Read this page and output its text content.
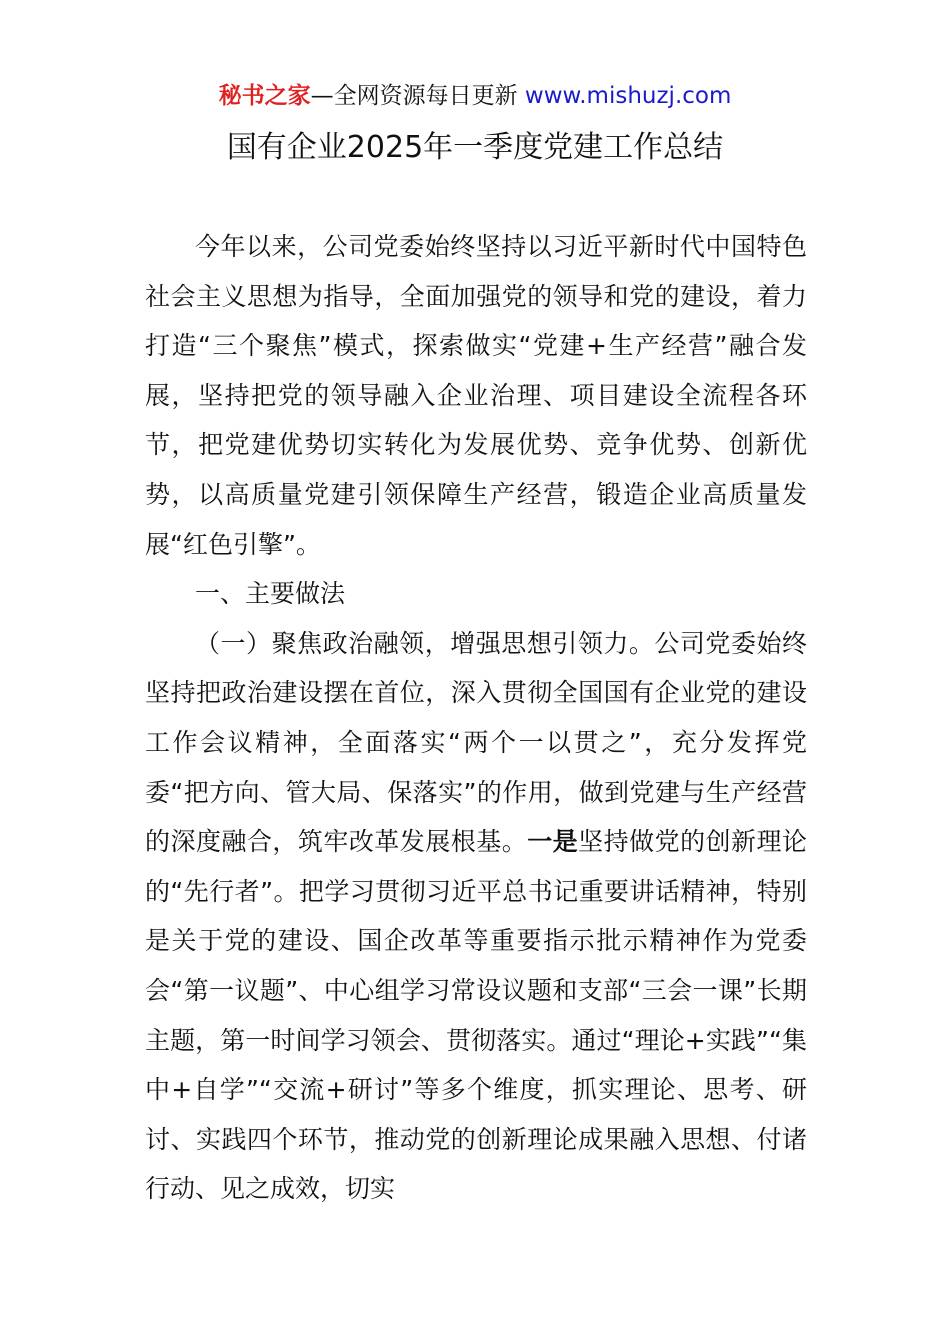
秘书之家—全网资源每日更新 www.mishuzj.com
国有企业2025年一季度党建工作总结

今年以来，公司党委始终坚持以习近平新时代中国特色社会主义思想为指导，全面加强党的领导和党的建设，着力打造“三个聚焦”模式，探索做实“党建+生产经营”融合发展，坚持把党的领导融入企业治理、项目建设全流程各环节，把党建优势切实转化为发展优势、竞争优势、创新优势，以高质量党建引领保障生产经营，锻造企业高质量发展“红色引擎”。

一、主要做法

（一）聚焦政治融领，增强思想引领力。公司党委始终坚持把政治建设摆在首位，深入贯彻全国国有企业党的建设工作会议精神，全面落实“两个一以贯之”，充分发挥党委“把方向、管大局、保落实”的作用，做到党建与生产经营的深度融合，筑牢改革发展根基。一是坚持做党的创新理论的“先行者”。把学习贯彻习近平总书记重要讲话精神，特别是关于党的建设、国企改革等重要指示批示精神作为党委会“第一议题”、中心组学习常设议题和支部“三会一课”长期主题，第一时间学习领会、贯彻落实。通过“理论+实践”“集中+自学”“交流+研讨”等多个维度，抓实理论、思考、研讨、实践四个环节，推动党的创新理论成果融入思想、付诸行动、见之成效，切实
